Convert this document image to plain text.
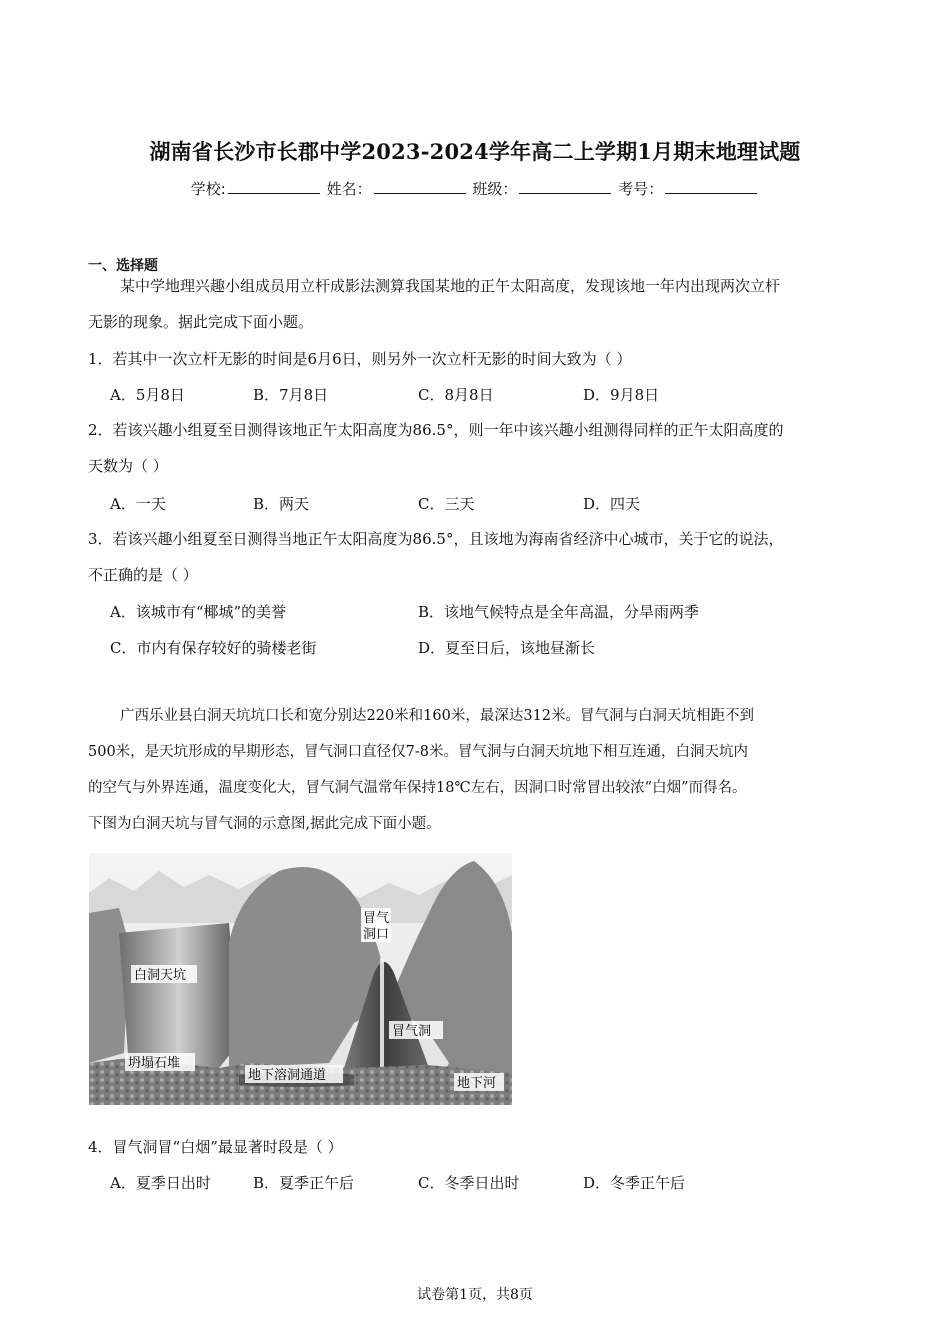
湖南省长沙市长郡中学2023-2024学年高二上学期1月期末地理试题
学校:	姓名：	班级：	考号：
一、选择题
某中学地理兴趣小组成员用立杆成影法测算我国某地的正午太阳高度，发现该地一年内出现两次立杆
无影的现象。据此完成下面小题。
1．若其中一次立杆无影的时间是6月6日，则另外一次立杆无影的时间大致为（ ）
A．5月8日	B．7月8日	C．8月8日	D．9月8日
2．若该兴趣小组夏至日测得该地正午太阳高度为86.5°，则一年中该兴趣小组测得同样的正午太阳高度的
天数为（ ）
A．一天	B．两天	C．三天	D．四天
3．若该兴趣小组夏至日测得当地正午太阳高度为86.5°，且该地为海南省经济中心城市，关于它的说法，
不正确的是（ ）
A．该城市有“椰城”的美誉	B．该地气候特点是全年高温，分旱雨两季
C．市内有保存较好的骑楼老街	D．夏至日后，该地昼渐长
广西乐业县白洞天坑坑口长和宽分别达220米和160米，最深达312米。冒气洞与白洞天坑相距不到
500米，是天坑形成的早期形态，冒气洞口直径仅7-8米。冒气洞与白洞天坑地下相互连通，白洞天坑内
的空气与外界连通，温度变化大，冒气洞气温常年保持18℃左右，因洞口时常冒出较浓“白烟”而得名。
下图为白洞天坑与冒气洞的示意图,据此完成下面小题。
冒气
洞口
白洞天坑
冒气洞
坍塌石堆
地下溶洞通道
地下河
4．冒气洞冒“白烟”最显著时段是（ ）
A．夏季日出时	B．夏季正午后	C．冬季日出时	D．冬季正午后
试卷第1页，共8页
